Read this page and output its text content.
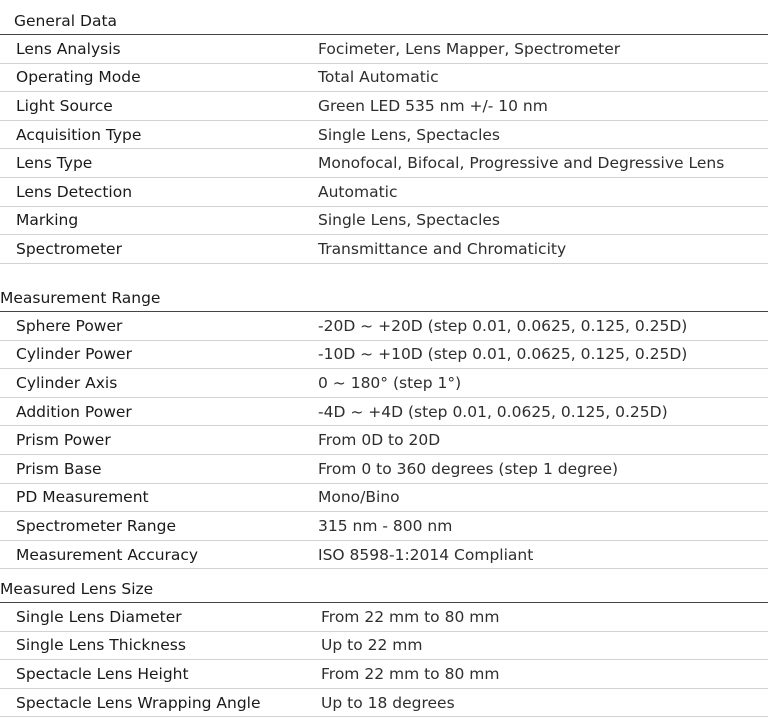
General Data
Lens Analysis	Focimeter, Lens Mapper, Spectrometer
Operating Mode	Total Automatic
Light Source	Green LED 535 nm +/- 10 nm
Acquisition Type	Single Lens, Spectacles
Lens Type	Monofocal, Bifocal, Progressive and Degressive Lens
Lens Detection	Automatic
Marking	Single Lens, Spectacles
Spectrometer	Transmittance and Chromaticity
Measurement Range
Sphere Power	-20D ~ +20D (step 0.01, 0.0625, 0.125, 0.25D)
Cylinder Power	-10D ~ +10D (step 0.01, 0.0625, 0.125, 0.25D)
Cylinder Axis	0 ~ 180° (step 1°)
Addition Power	-4D ~ +4D (step 0.01, 0.0625, 0.125, 0.25D)
Prism Power	From 0D to 20D
Prism Base	From 0 to 360 degrees (step 1 degree)
PD Measurement	Mono/Bino
Spectrometer Range	315 nm - 800 nm
Measurement Accuracy	ISO 8598-1:2014 Compliant
Measured Lens Size
Single Lens Diameter	From 22 mm to 80 mm
Single Lens Thickness	Up to 22 mm
Spectacle Lens Height	From 22 mm to 80 mm
Spectacle Lens Wrapping Angle	Up to 18 degrees
